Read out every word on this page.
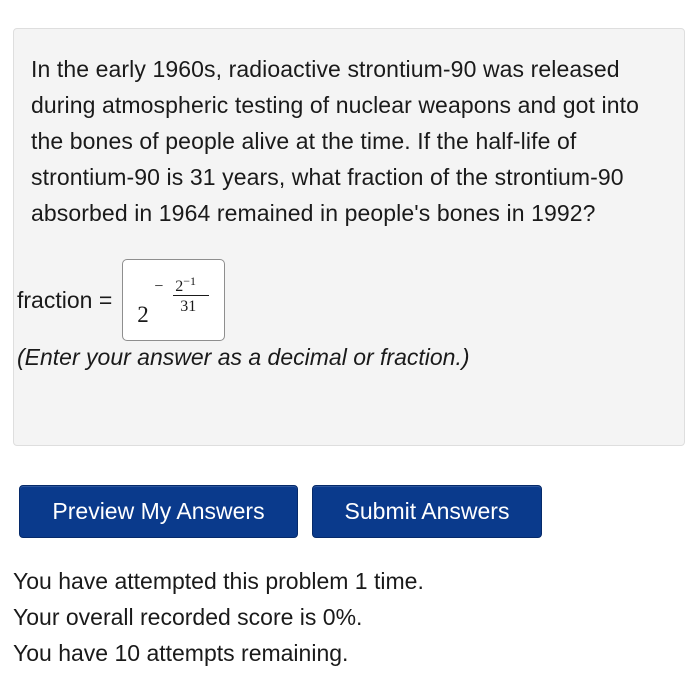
In the early 1960s, radioactive strontium-90 was released during atmospheric testing of nuclear weapons and got into the bones of people alive at the time. If the half-life of strontium-90 is 31 years, what fraction of the strontium-90 absorbed in 1964 remained in people's bones in 1992?

fraction =
2
− $2^{-1}$
31

(Enter your answer as a decimal or fraction.)

Preview My Answers	Submit Answers
You have attempted this problem 1 time.
Your overall recorded score is 0%.
You have 10 attempts remaining.
